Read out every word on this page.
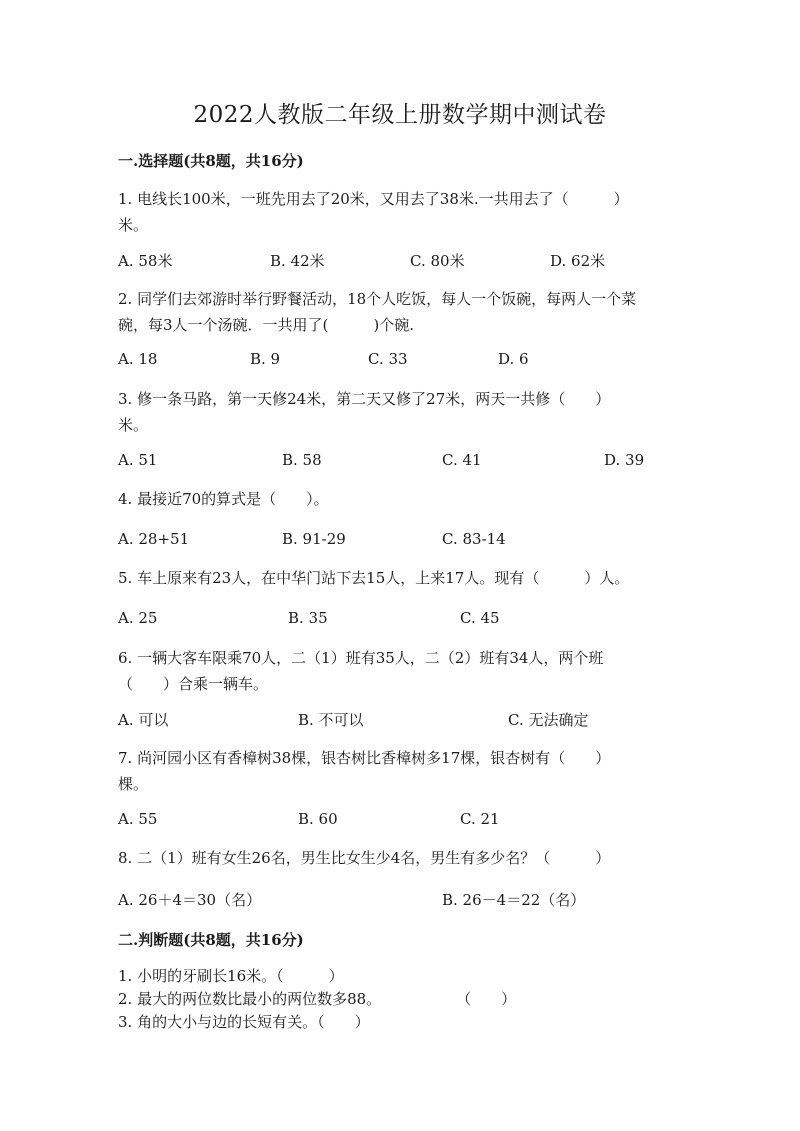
2022人教版二年级上册数学期中测试卷
一.选择题(共8题，共16分)
1. 电线长100米，一班先用去了20米，又用去了38米.一共用去了（　　　）
米。
A. 58米	B. 42米	C. 80米	D. 62米
2. 同学们去郊游时举行野餐活动，18个人吃饭，每人一个饭碗，每两人一个菜
碗，每3人一个汤碗．一共用了(　　　)个碗.
A. 18	B. 9	C. 33	D. 6
3. 修一条马路，第一天修24米，第二天又修了27米，两天一共修（　　）
米。
A. 51	B. 58	C. 41	D. 39
4. 最接近70的算式是（　　）。
A. 28+51	B. 91-29	C. 83-14
5. 车上原来有23人，在中华门站下去15人，上来17人。现有（　　　）人。
A. 25	B. 35	C. 45
6. 一辆大客车限乘70人，二（1）班有35人，二（2）班有34人，两个班
（　　）合乘一辆车。
A. 可以	B. 不可以	C. 无法确定
7. 尚河园小区有香樟树38棵，银杏树比香樟树多17棵，银杏树有（　　）
棵。
A. 55	B. 60	C. 21
8. 二（1）班有女生26名，男生比女生少4名，男生有多少名？（　　　）
A. 26＋4＝30（名）	B. 26－4＝22（名）
二.判断题(共8题，共16分)
1. 小明的牙刷长16米。（　　　）
2. 最大的两位数比最小的两位数多88。　　　　　　（　　）
3. 角的大小与边的长短有关。（　　）
